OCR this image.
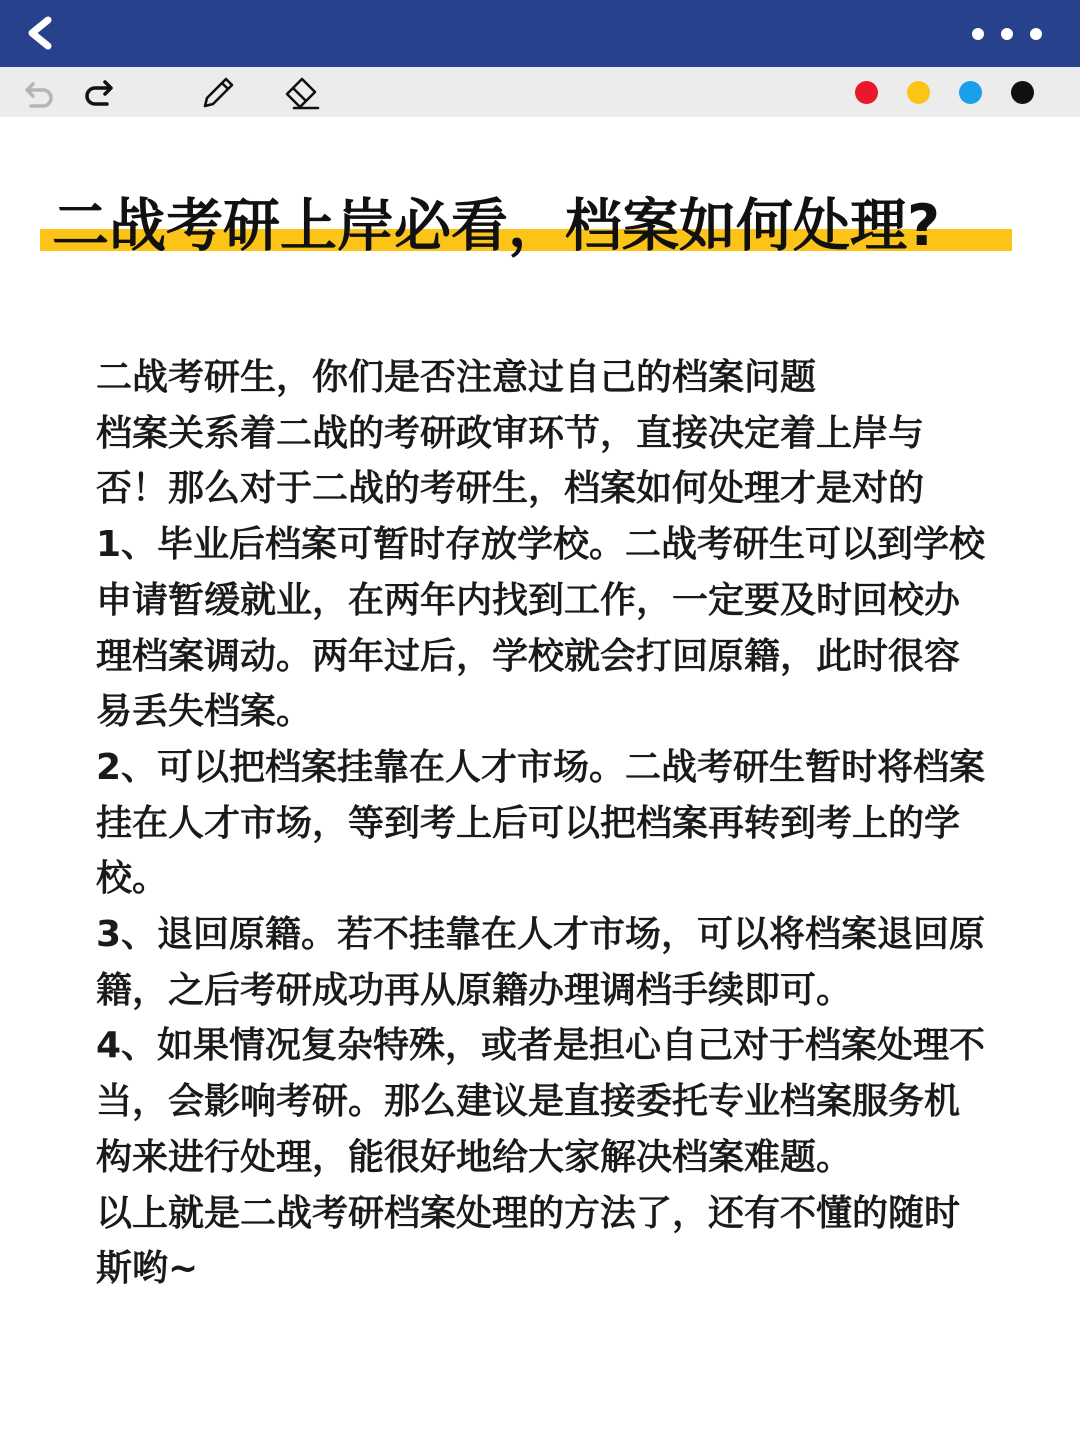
二战考研上岸必看，档案如何处理?

二战考研生，你们是否注意过自己的档案问题

档案关系着二战的考研政审环节，直接决定着上岸与否！那么对于二战的考研生，档案如何处理才是对的

1、毕业后档案可暂时存放学校。二战考研生可以到学校申请暂缓就业，在两年内找到工作，一定要及时回校办理档案调动。两年过后，学校就会打回原籍，此时很容易丢失档案。

2、可以把档案挂靠在人才市场。二战考研生暂时将档案挂在人才市场，等到考上后可以把档案再转到考上的学校。

3、退回原籍。若不挂靠在人才市场，可以将档案退回原籍，之后考研成功再从原籍办理调档手续即可。

4、如果情况复杂特殊，或者是担心自己对于档案处理不当，会影响考研。那么建议是直接委托专业档案服务机构来进行处理，能很好地给大家解决档案难题。

以上就是二战考研档案处理的方法了，还有不懂的随时斯哟~
